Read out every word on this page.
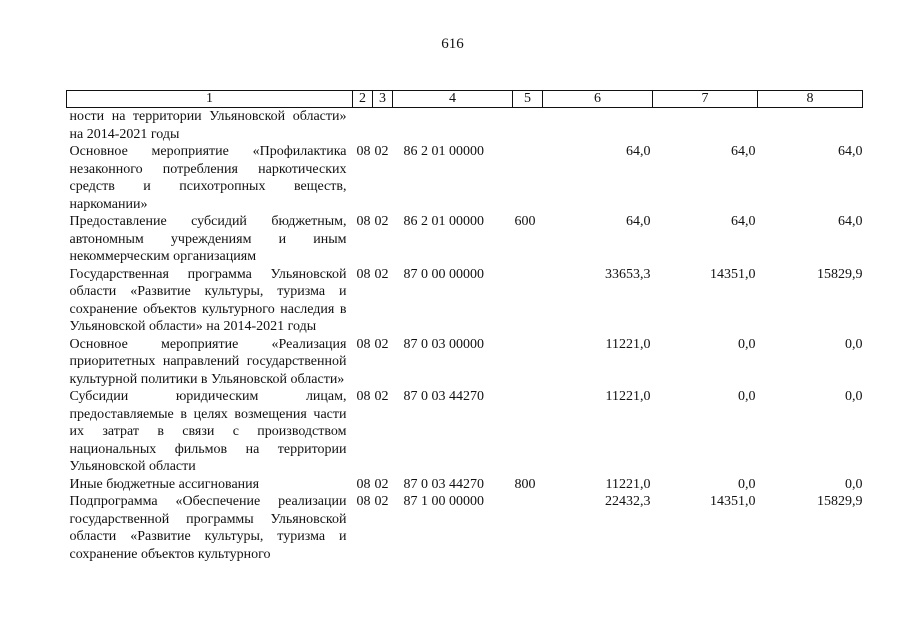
616
1	2	3	4	5	6	7	8
ности на территории Ульяновской области» на 2014-2021 годы							
Основное мероприятие «Профилактика незаконного потребления наркотических средств и психотропных веществ, наркомании»	08	02	86 2 01 00000		64,0	64,0	64,0
Предоставление субсидий бюджетным, автономным учреждениям и иным некоммерческим организациям	08	02	86 2 01 00000	600	64,0	64,0	64,0
Государственная программа Ульяновской области «Развитие культуры, туризма и сохранение объектов культурного наследия в Ульяновской области» на 2014-2021 годы	08	02	87 0 00 00000		33653,3	14351,0	15829,9
Основное мероприятие «Реализация приоритетных направлений государственной культурной политики в Ульяновской области»	08	02	87 0 03 00000		11221,0	0,0	0,0
Субсидии юридическим лицам, предоставляемые в целях возмещения части их затрат в связи с производством национальных фильмов на территории Ульяновской области	08	02	87 0 03 44270		11221,0	0,0	0,0
Иные бюджетные ассигнования	08	02	87 0 03 44270	800	11221,0	0,0	0,0
Подпрограмма «Обеспечение реализации государственной программы Ульяновской области «Развитие культуры, туризма и сохранение объектов культурного	08	02	87 1 00 00000		22432,3	14351,0	15829,9
